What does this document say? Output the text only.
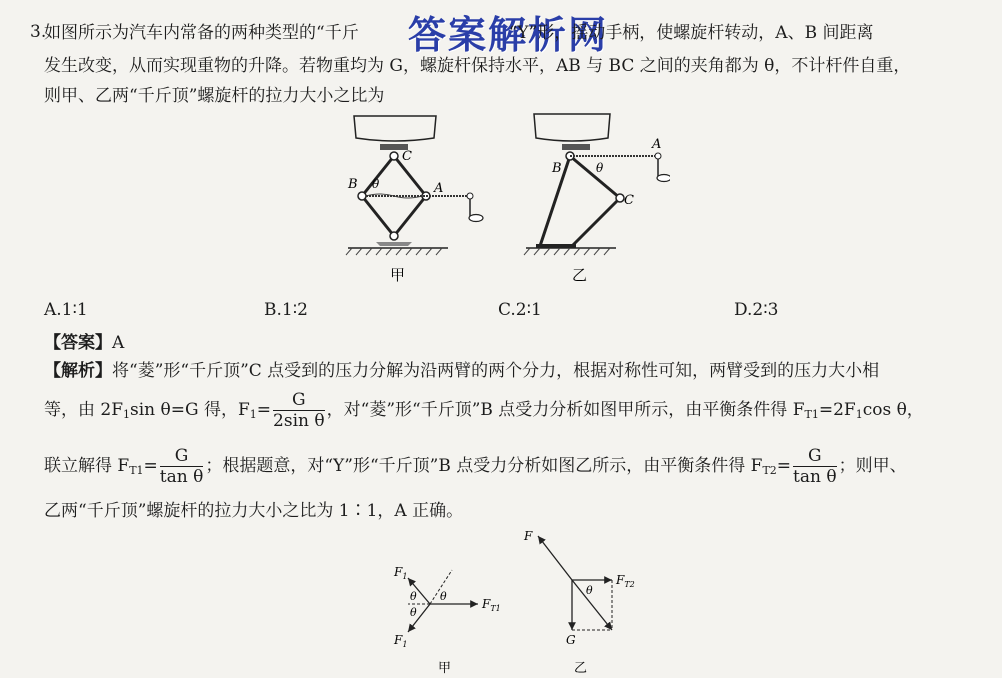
答案解析网
3.
如图所示为汽车内常备的两种类型的“千斤	“Y”形，摇动手柄，使螺旋杆转动，A、B 间距离
发生改变，从而实现重物的升降。若物重均为 G，螺旋杆保持水平，AB 与 BC 之间的夹角都为 θ，不计杆件自重，
则甲、乙两“千斤顶”螺旋杆的拉力大小之比为
C
B	A
θ
甲
B
A
C
θ
乙
A.1∶1	B.1∶2	C.2∶1	D.2∶3
【答案】A
【解析】将“菱”形“千斤顶”C 点受到的压力分解为沿两臂的两个分力，根据对称性可知，两臂受到的压力大小相
等，由 $2F_1\sin$ θ=G 得，$F_1= \frac{G}{\text{2sin θ}}$ ，对“菱”形“千斤顶”B 点受力分析如图甲所示，由平衡条件得 $F_{T1}=2F_1\cos$ θ，
联立解得 $F_{T1}= \frac{G}{\text{tan θ}}$ ；根据题意，对“Y”形“千斤顶”B 点受力分析如图乙所示，由平衡条件得 $F_{T2}= \frac{G}{\text{tan θ}}$ ；则甲、
乙两“千斤顶”螺旋杆的拉力大小之比为 1∶1，A 正确。
$F_1$
$F_1$
$F_{T1}$
θ
θ
θ
甲
F
$F_{T2}$
G
θ
乙
